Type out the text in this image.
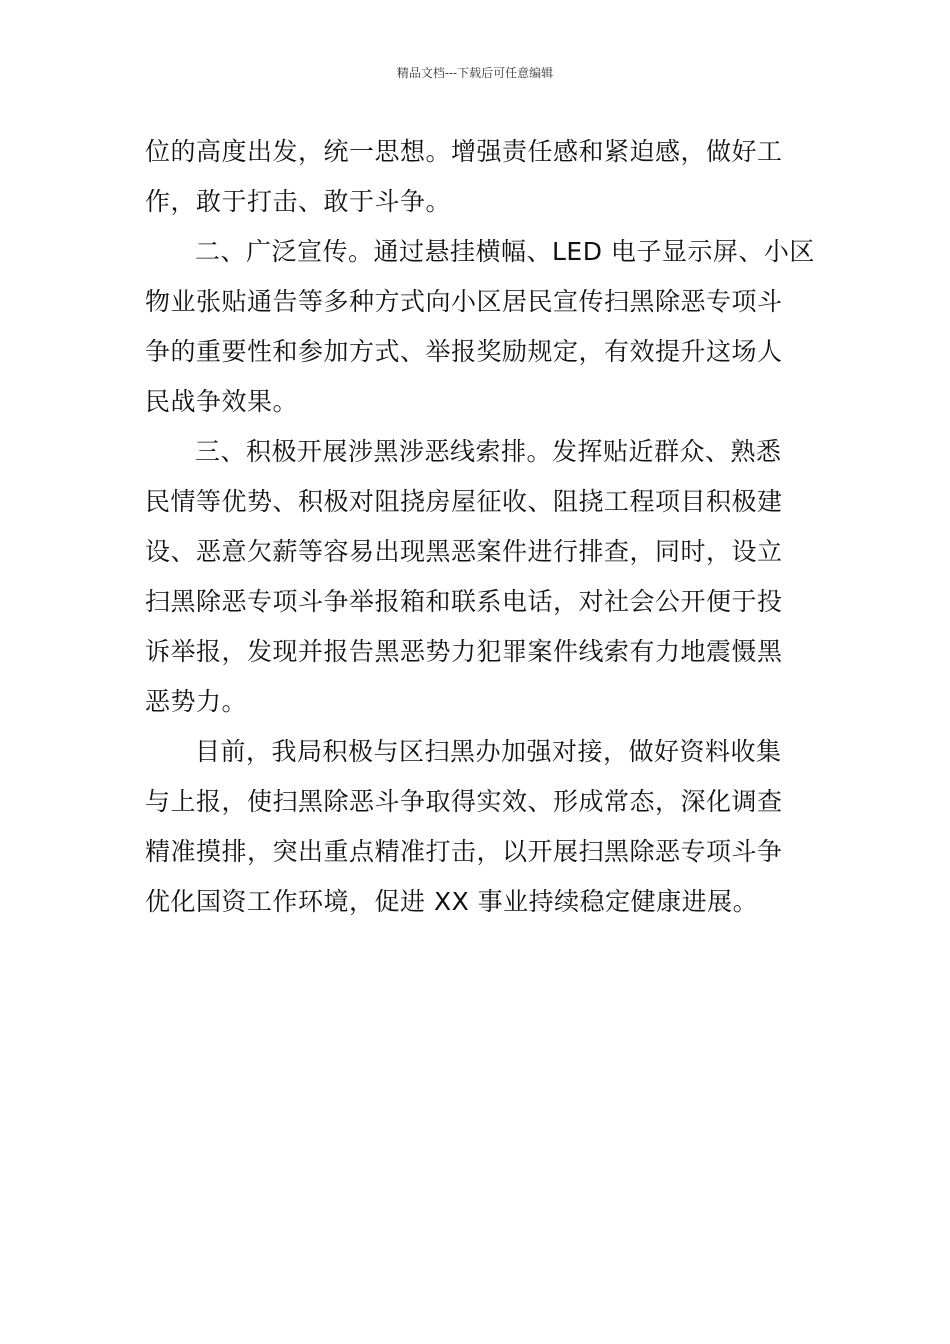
精品文档---下载后可任意编辑
位的高度出发，统一思想。增强责任感和紧迫感，做好工
作，敢于打击、敢于斗争。
二、广泛宣传。通过悬挂横幅、LED 电子显示屏、小区
物业张贴通告等多种方式向小区居民宣传扫黑除恶专项斗
争的重要性和参加方式、举报奖励规定，有效提升这场人
民战争效果。
三、积极开展涉黑涉恶线索排。发挥贴近群众、熟悉
民情等优势、积极对阻挠房屋征收、阻挠工程项目积极建
设、恶意欠薪等容易出现黑恶案件进行排查，同时，设立
扫黑除恶专项斗争举报箱和联系电话，对社会公开便于投
诉举报，发现并报告黑恶势力犯罪案件线索有力地震慑黑
恶势力。
目前，我局积极与区扫黑办加强对接，做好资料收集
与上报，使扫黑除恶斗争取得实效、形成常态，深化调查
精准摸排，突出重点精准打击，以开展扫黑除恶专项斗争
优化国资工作环境，促进 XX 事业持续稳定健康进展。
